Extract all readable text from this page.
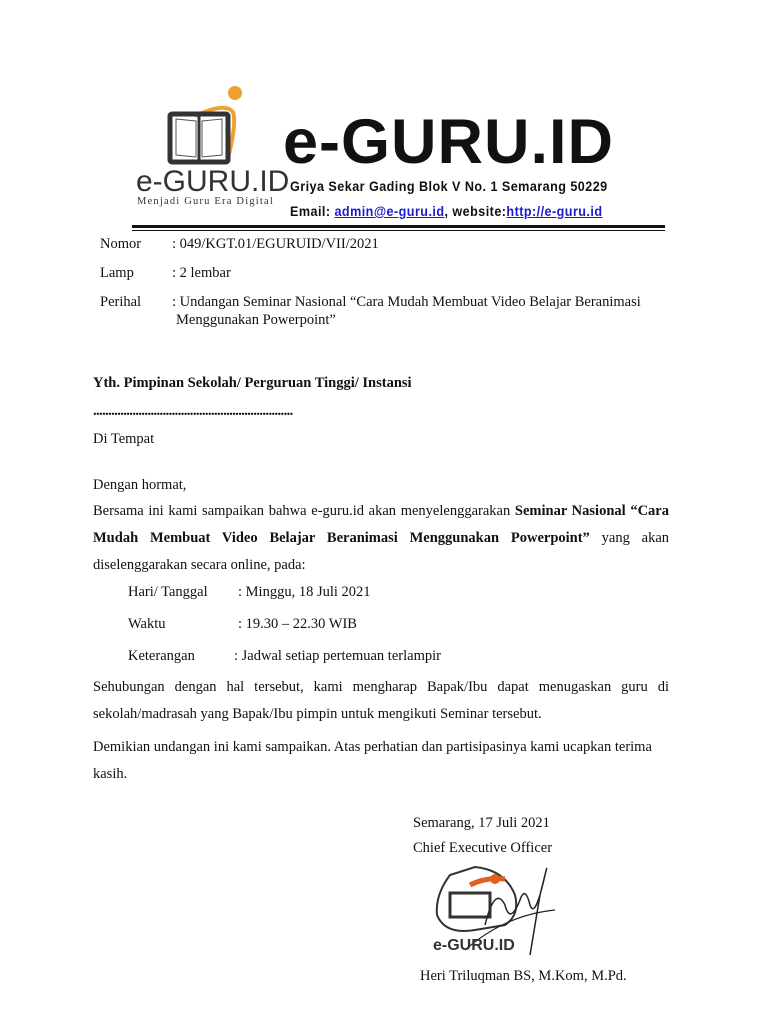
e-GURU.ID
Menjadi Guru Era Digital
e-GURU.ID
Griya Sekar Gading Blok V No. 1 Semarang 50229
Email: admin@e-guru.id, website:http://e-guru.id
Nomor : 049/KGT.01/EGURUID/VII/2021
Lamp	: 2 lembar
Perihal : Undangan Seminar Nasional “Cara Mudah Membuat Video Belajar Beranimasi
Menggunakan Powerpoint”
Yth. Pimpinan Sekolah/ Perguruan Tinggi/ Instansi
..................................................................
Di Tempat
Dengan hormat,
Bersama ini kami sampaikan bahwa e-guru.id akan menyelenggarakan Seminar Nasional “Cara Mudah Membuat Video Belajar Beranimasi Menggunakan Powerpoint” yang akan diselenggarakan secara online, pada:
Hari/ Tanggal : Minggu, 18 Juli 2021
Waktu	: 19.30 – 22.30 WIB
Keterangan	: Jadwal setiap pertemuan terlampir
Sehubungan dengan hal tersebut, kami mengharap Bapak/Ibu dapat menugaskan guru di sekolah/madrasah yang Bapak/Ibu pimpin untuk mengikuti Seminar tersebut.
Demikian undangan ini kami sampaikan. Atas perhatian dan partisipasinya kami ucapkan terima kasih.
Semarang, 17 Juli 2021
Chief Executive Officer
e-GURU.ID
Heri Triluqman BS, M.Kom, M.Pd.
